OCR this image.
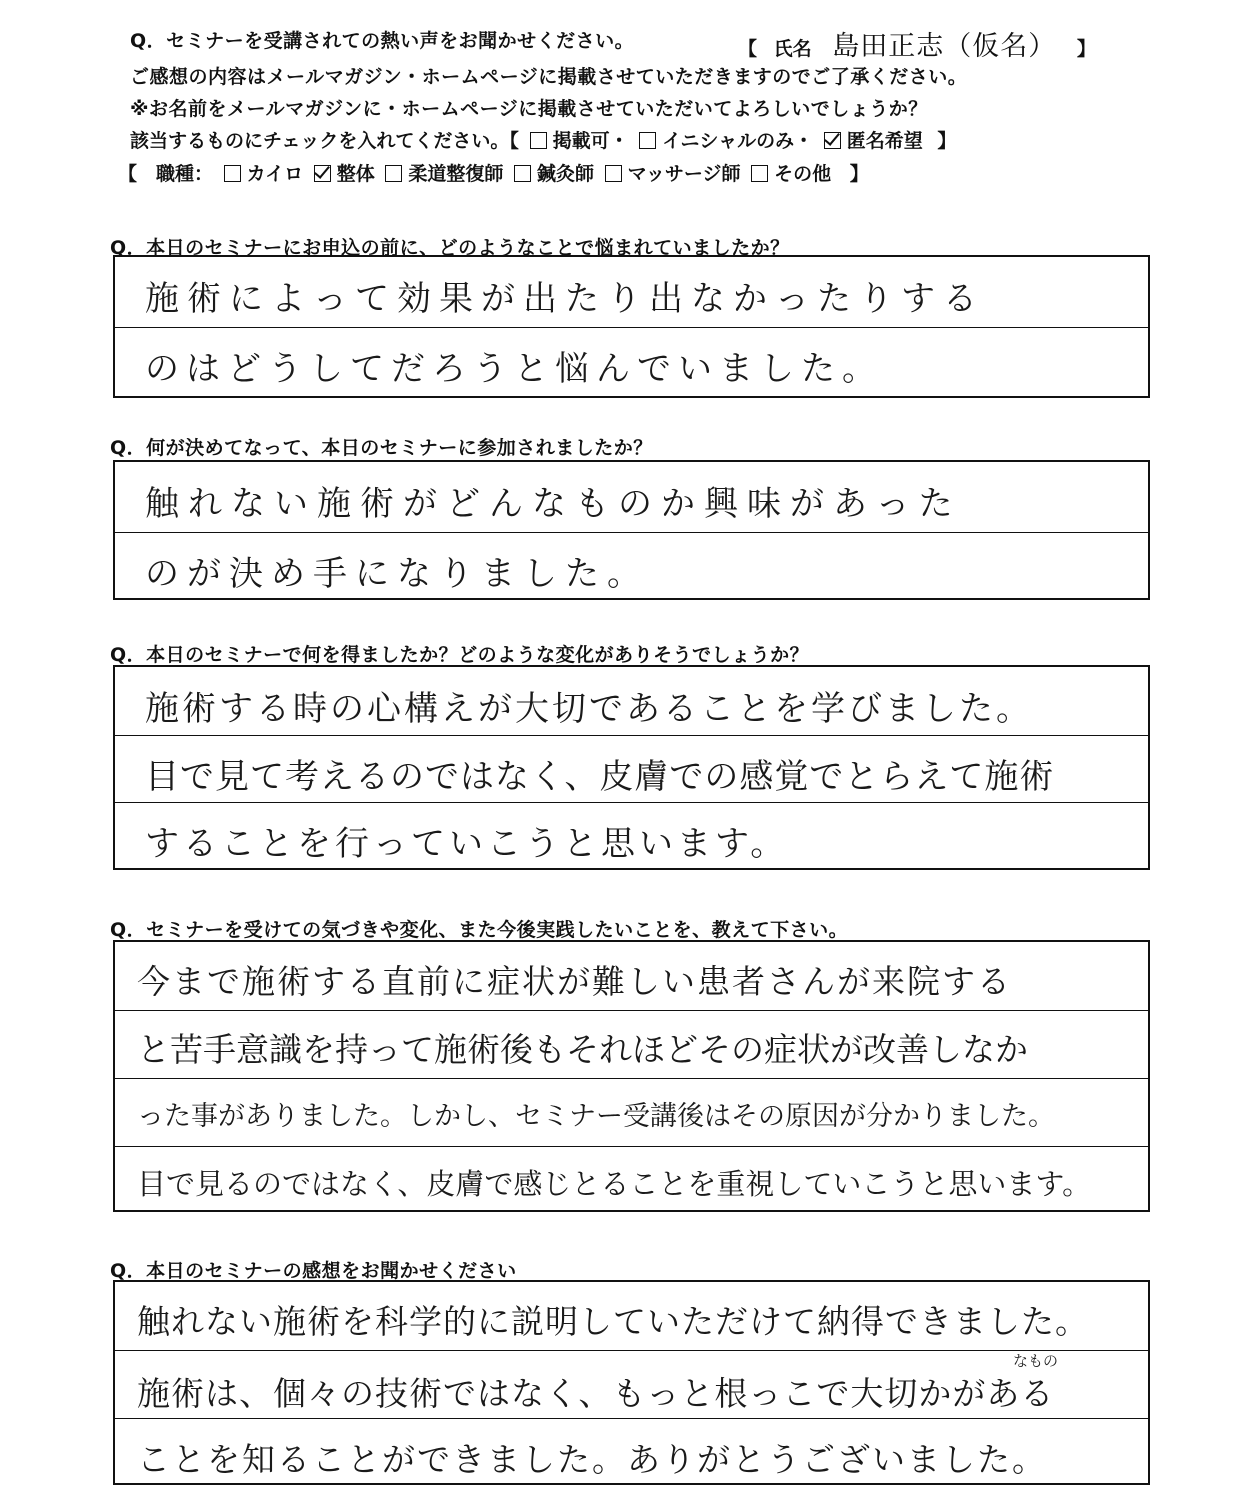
Q．セミナーを受講されての熱い声をお聞かせください。	【 氏名 島田正志（仮名） 】
ご感想の内容はメールマガジン・ホームページに掲載させていただきますのでご了承ください。
※お名前をメールマガジンに・ホームページに掲載させていただいてよろしいでしょうか？
該当するものにチェックを入れてください。【 掲載可・ イニシャルのみ・ 匿名希望 】
【　職種： カイロ 整体 柔道整復師 鍼灸師 マッサージ師 その他 】
Q．本日のセミナーにお申込の前に、どのようなことで悩まれていましたか？
施術によって効果が出たり出なかったりする
のはどうしてだろうと悩んでいました。
Q．何が決めてなって、本日のセミナーに参加されましたか？
触れない施術がどんなものか興味があった
のが決め手になりました。
Q．本日のセミナーで何を得ましたか？どのような変化がありそうでしょうか？
施術する時の心構えが大切であることを学びました。
目で見て考えるのではなく、皮膚での感覚でとらえて施術
することを行っていこうと思います。
Q．セミナーを受けての気づきや変化、また今後実践したいことを、教えて下さい。
今まで施術する直前に症状が難しい患者さんが来院する
と苦手意識を持って施術後もそれほどその症状が改善しなか
った事がありました。しかし、セミナー受講後はその原因が分かりました。
目で見るのではなく、皮膚で感じとることを重視していこうと思います。
Q．本日のセミナーの感想をお聞かせください
触れない施術を科学的に説明していただけて納得できました。
なもの
施術は、個々の技術ではなく、もっと根っこで大切かがある
ことを知ることができました。ありがとうございました。
